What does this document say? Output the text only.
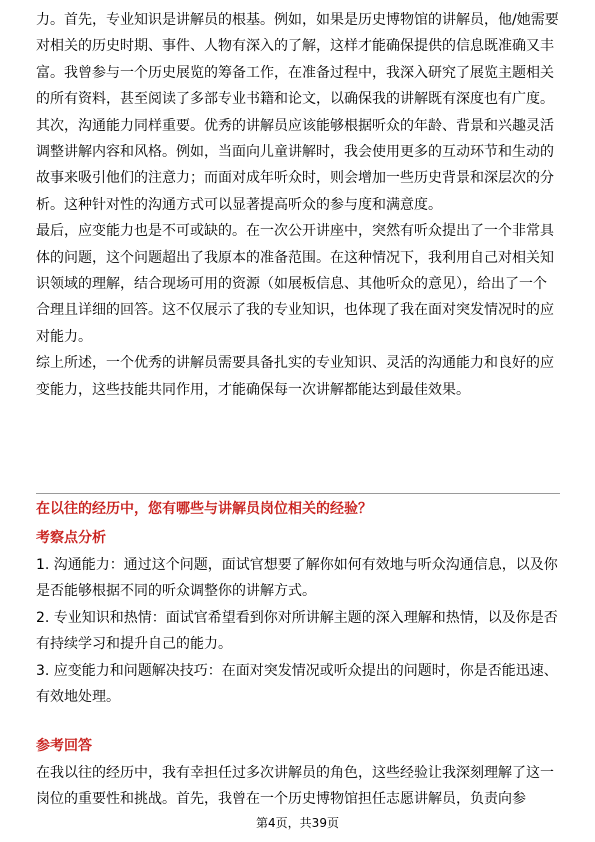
力。首先，专业知识是讲解员的根基。例如，如果是历史博物馆的讲解员，他/她需要对相关的历史时期、事件、人物有深入的了解，这样才能确保提供的信息既准确又丰富。我曾参与一个历史展览的筹备工作，在准备过程中，我深入研究了展览主题相关的所有资料，甚至阅读了多部专业书籍和论文，以确保我的讲解既有深度也有广度。

其次，沟通能力同样重要。优秀的讲解员应该能够根据听众的年龄、背景和兴趣灵活调整讲解内容和风格。例如，当面向儿童讲解时，我会使用更多的互动环节和生动的故事来吸引他们的注意力；而面对成年听众时，则会增加一些历史背景和深层次的分析。这种针对性的沟通方式可以显著提高听众的参与度和满意度。

最后，应变能力也是不可或缺的。在一次公开讲座中，突然有听众提出了一个非常具体的问题，这个问题超出了我原本的准备范围。在这种情况下，我利用自己对相关知识领域的理解，结合现场可用的资源（如展板信息、其他听众的意见），给出了一个合理且详细的回答。这不仅展示了我的专业知识，也体现了我在面对突发情况时的应对能力。

综上所述，一个优秀的讲解员需要具备扎实的专业知识、灵活的沟通能力和良好的应变能力，这些技能共同作用，才能确保每一次讲解都能达到最佳效果。

在以往的经历中，您有哪些与讲解员岗位相关的经验？

考察点分析

1. 沟通能力：通过这个问题，面试官想要了解你如何有效地与听众沟通信息，以及你是否能够根据不同的听众调整你的讲解方式。

2. 专业知识和热情：面试官希望看到你对所讲解主题的深入理解和热情，以及你是否有持续学习和提升自己的能力。

3. 应变能力和问题解决技巧：在面对突发情况或听众提出的问题时，你是否能迅速、有效地处理。

参考回答

在我以往的经历中，我有幸担任过多次讲解员的角色，这些经验让我深刻理解了这一岗位的重要性和挑战。首先，我曾在一个历史博物馆担任志愿讲解员，负责向参

第4页，共39页
